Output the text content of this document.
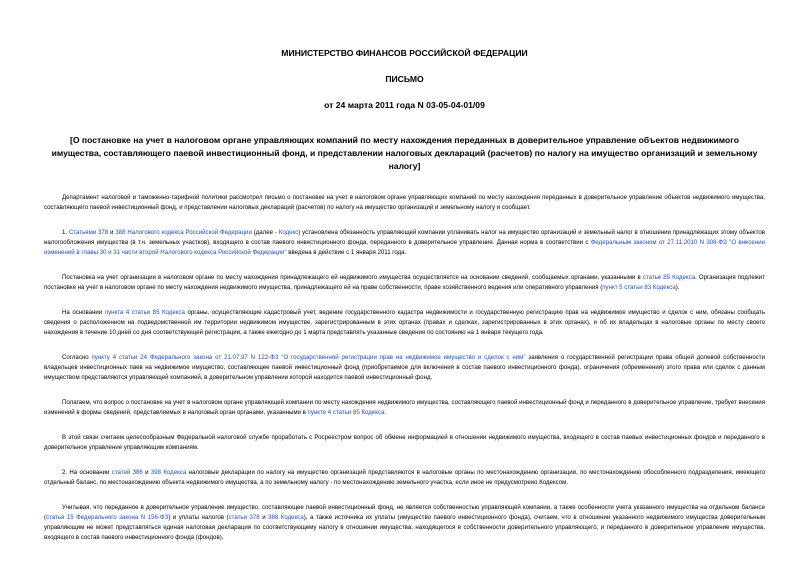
МИНИСТЕРСТВО ФИНАНСОВ РОССИЙСКОЙ ФЕДЕРАЦИИ

ПИСЬМО

от 24 марта 2011 года N 03-05-04-01/09

[О постановке на учет в налоговом органе управляющих компаний по месту нахождения переданных в доверительное управление объектов недвижимого имущества, составляющего паевой инвестиционный фонд, и представлении налоговых деклараций (расчетов) по налогу на имущество организаций и земельному налогу]

Департамент налоговой и таможенно-тарифной политики рассмотрел письмо о постановке на учет в налоговом органе управляющих компаний по месту нахождения переданных в доверительное управление объектов недвижимого имущества, составляющего паевой инвестиционный фонд, и представлении налоговых деклараций (расчетов) по налогу на имущество организаций и земельному налогу и сообщает.

1. Статьями 378 и 388 Налогового кодекса Российской Федерации (далее - Кодекс) установлена обязанность управляющей компании уплачивать налог на имущество организаций и земельный налог в отношении принадлежащих этому объектов налогообложения имущества (в т.ч. земельных участков), входящего в состав паевого инвестиционного фонда, переданного в доверительное управление. Данная норма в соответствии с Федеральным законом от 27.11.2010 N 308-ФЗ "О внесении изменений в главы 30 и 31 части второй Налогового кодекса Российской Федерации" введена в действие с 1 января 2011 года.

Постановка на учет организации в налоговом органе по месту нахождения принадлежащего ей недвижимого имущества осуществляется на основании сведений, сообщаемых органами, указанными в статье 85 Кодекса. Организация подлежит постановке на учет в налоговом органе по месту нахождения недвижимого имущества, принадлежащего ей на праве собственности, праве хозяйственного ведения или оперативного управления (пункт 5 статьи 83 Кодекса).

На основании пункта 4 статьи 85 Кодекса органы, осуществляющие кадастровый учет, ведение государственного кадастра недвижимости и государственную регистрацию прав на недвижимое имущество и сделок с ним, обязаны сообщать сведения о расположенном на подведомственной им территории недвижимом имуществе, зарегистрированным в этих органах (правах и сделках, зарегистрированных в этих органах), и об их владельцах в налоговые органы по месту своего нахождения в течение 10 дней со дня соответствующей регистрации, а также ежегодно до 1 марта представлять указанные сведения по состоянию на 1 января текущего года.

Согласно пункту 4 статьи 24 Федерального закона от 21.07.97 N 122-ФЗ "О государственной регистрации прав на недвижимое имущество и сделок с ним" заявления о государственной регистрации права общей долевой собственности владельцев инвестиционных паев на недвижимое имущество, составляющее паевой инвестиционный фонд (приобретаемое для включения в состав паевого инвестиционного фонда), ограничения (обременения) этого права или сделок с данным имуществом представляются управляющей компанией, в доверительном управлении которой находится паевой инвестиционный фонд.

Полагаем, что вопрос о постановке на учет в налоговом органе управляющей компании по месту нахождения недвижимого имущества, составляющего паевой инвестиционный фонд и переданного в доверительное управление, требует внесения изменений в формы сведений, представляемых в налоговый орган органами, указанными в пункте 4 статьи 85 Кодекса.

В этой связи считаем целесообразным Федеральной налоговой службе проработать с Росреестром вопрос об обмене информацией в отношении недвижимого имущества, входящего в состав паевых инвестиционных фондов и переданного в доверительное управление управляющим компаниям.

2. На основании статей 386 и 398 Кодекса налоговые декларации по налогу на имущество организаций представляются в налоговые органы по местонахождению организации, по местонахождению обособленного подразделения, имеющего отдельный баланс, по местонахождению объекта недвижимого имущества, а по земельному налогу - по местонахождению земельного участка, если иное не предусмотрено Кодексом.

Учитывая, что переданное в доверительное управление имущество, составляющее паевой инвестиционный фонд, не является собственностью управляющей компании, а также особенности учета указанного имущества на отдельном балансе (статья 15 Федерального закона N 156-ФЗ) и уплаты налогов (статьи 378 и 388 Кодекса), а также источника их уплаты (имущество паевого инвестиционного фонда), считаем, что в отношении указанного недвижимого имущества доверительным управляющим не может представляться единая налоговая декларация по соответствующему налогу в отношении имущества, находящегося в собственности доверительного управляющего, и переданного в доверительное управление имущества, входящего в состав паевого инвестиционного фонда (фондов).
